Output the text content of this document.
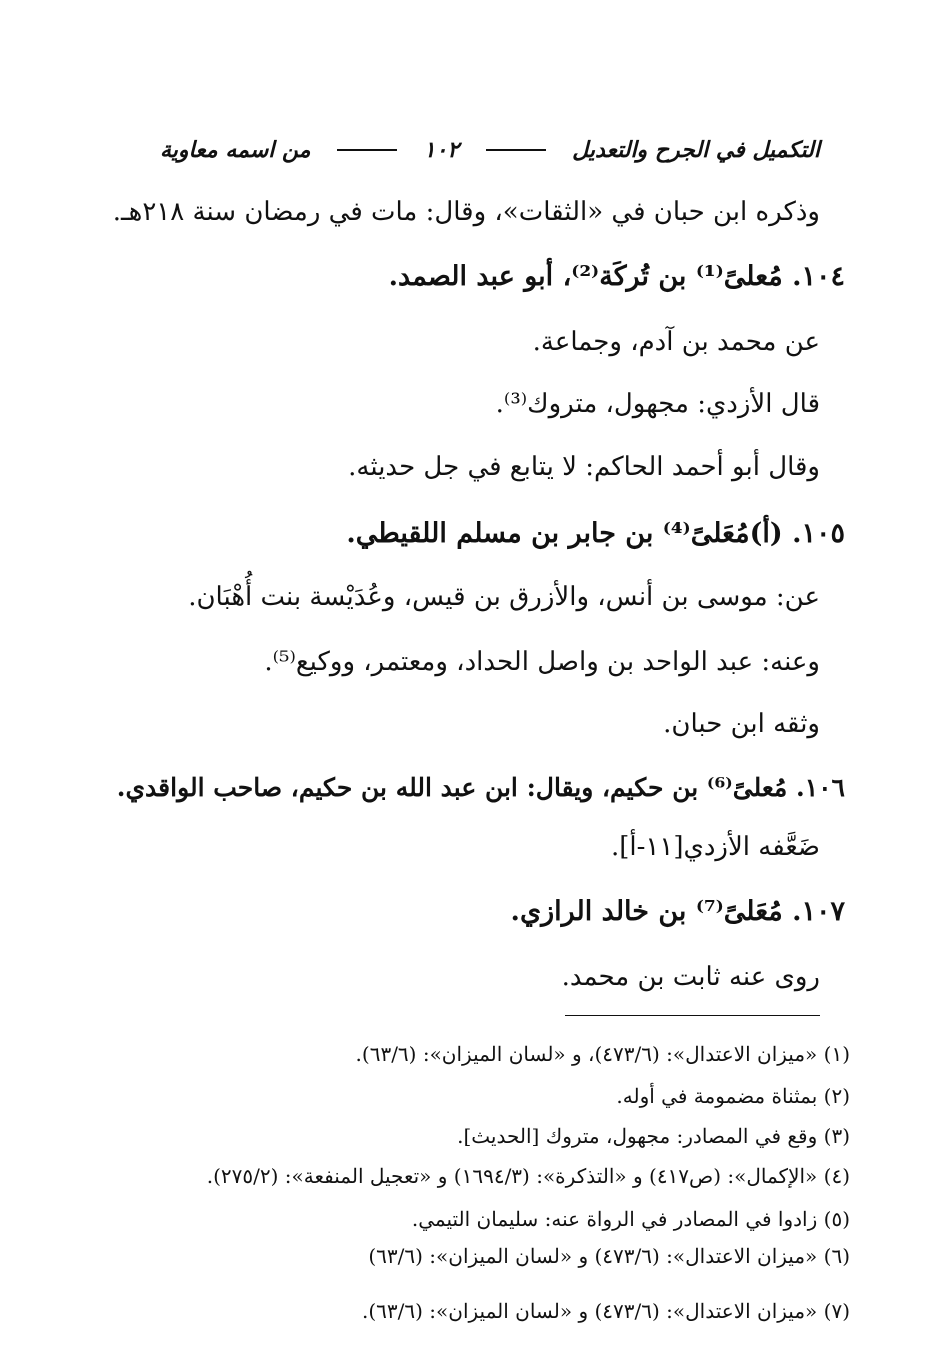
التكميل في الجرح والتعديل
١٠٢
من اسمه معاوية
وذكره ابن حبان في «الثقات»، وقال: مات في رمضان سنة ٢١٨هـ.
١٠٤. مُعلىً⁽¹⁾ بن تُركَة⁽²⁾، أبو عبد الصمد.
عن محمد بن آدم، وجماعة.
قال الأزدي: مجهول، متروك⁽³⁾.
وقال أبو أحمد الحاكم: لا يتابع في جل حديثه.
١٠٥. (أ)مُعَلىً⁽⁴⁾ بن جابر بن مسلم اللقيطي.
عن: موسى بن أنس، والأزرق بن قيس، وعُدَيْسة بنت أُهْبَان.
وعنه: عبد الواحد بن واصل الحداد، ومعتمر، ووكيع⁽⁵⁾.
وثقه ابن حبان.
١٠٦. مُعلىً⁽⁶⁾ بن حكيم، ويقال: ابن عبد الله بن حكيم، صاحب الواقدي.
ضَعَّفه الأزدي[١١-أ].
١٠٧. مُعَلىً⁽⁷⁾ بن خالد الرازي.
روى عنه ثابت بن محمد.
(١) «ميزان الاعتدال»: (٤٧٣/٦)، و «لسان الميزان»: (٦٣/٦).
(٢) بمثناة مضمومة في أوله.
(٣) وقع في المصادر: مجهول، متروك [الحديث].
(٤) «الإكمال»: (ص٤١٧) و «التذكرة»: (١٦٩٤/٣) و «تعجيل المنفعة»: (٢٧٥/٢).
(٥) زادوا في المصادر في الرواة عنه: سليمان التيمي.
(٦) «ميزان الاعتدال»: (٤٧٣/٦) و «لسان الميزان»: (٦٣/٦)
(٧) «ميزان الاعتدال»: (٤٧٣/٦) و «لسان الميزان»: (٦٣/٦).
